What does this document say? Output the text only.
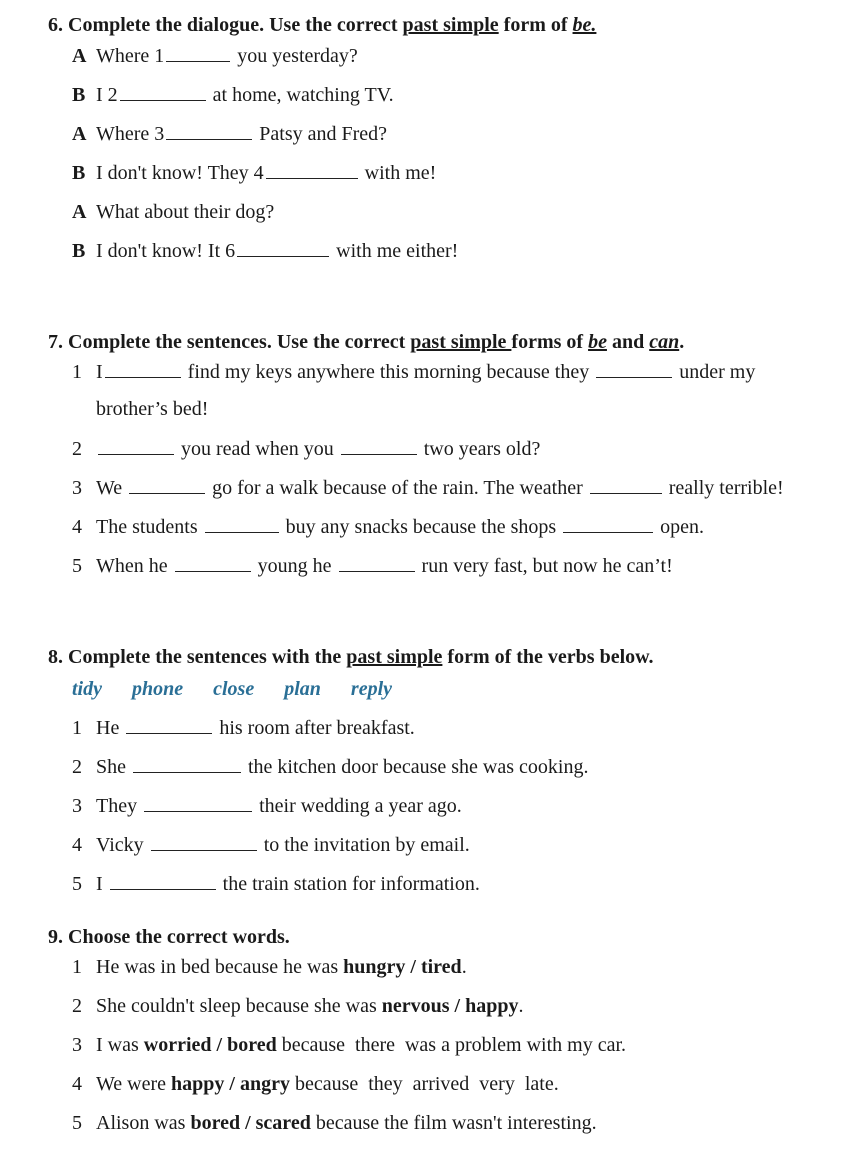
6. Complete the dialogue. Use the correct past simple form of be.
A Where 1	you yesterday?
B I 2	at home, watching TV.
A Where 3	Patsy and Fred?
B I don't know! They 4	with me!
A What about their dog?
B I don't know! It 6	with me either!
7. Complete the sentences. Use the correct past simple forms of be and can.
1 I	find my keys anywhere this morning because they	under my
brother’s bed!
2	you read when you	two years old?
3 We	go for a walk because of the rain. The weather	really terrible!
4 The students	buy any snacks because the shops	open.
5 When he	young he	run very fast, but now he can’t!
8. Complete the sentences with the past simple form of the verbs below.
tidy phone close plan reply
1 He	his room after breakfast.
2 She	the kitchen door because she was cooking.
3 They	their wedding a year ago.
4 Vicky	to the invitation by email.
5 I	the train station for information.
9. Choose the correct words.
1 He was in bed because he was hungry / tired.
2 She couldn't sleep because she was nervous / happy.
3 I was worried / bored because  there  was a problem with my car.
4 We were happy / angry because  they  arrived  very  late.
5 Alison was bored / scared because the film wasn't interesting.
